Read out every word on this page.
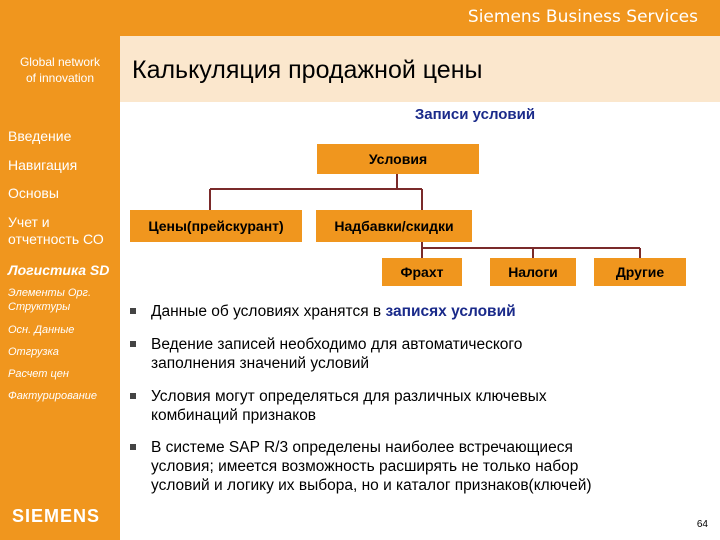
Siemens Business Services
Global network
of innovation	Калькуляция продажной цены
Введение
Навигация
Основы
Учет и
отчетность СО
Логистика SD
Элементы Орг.
Структуры
Осн. Данные
Отгрузка
Расчет цен
Фактурирование
SIEMENS
Записи условий
Условия
Цены(прейскурант)	Надбавки/скидки
Фрахт	Налоги	Другие
Данные об условиях хранятся в записях условий
Ведение записей необходимо для автоматического
заполнения значений условий
Условия могут определяться для различных ключевых
комбинаций признаков
В системе SAP R/3 определены наиболее встречающиеся
условия; имеется возможность расширять не только набор
условий и логику их выбора, но и каталог признаков(ключей)
64
